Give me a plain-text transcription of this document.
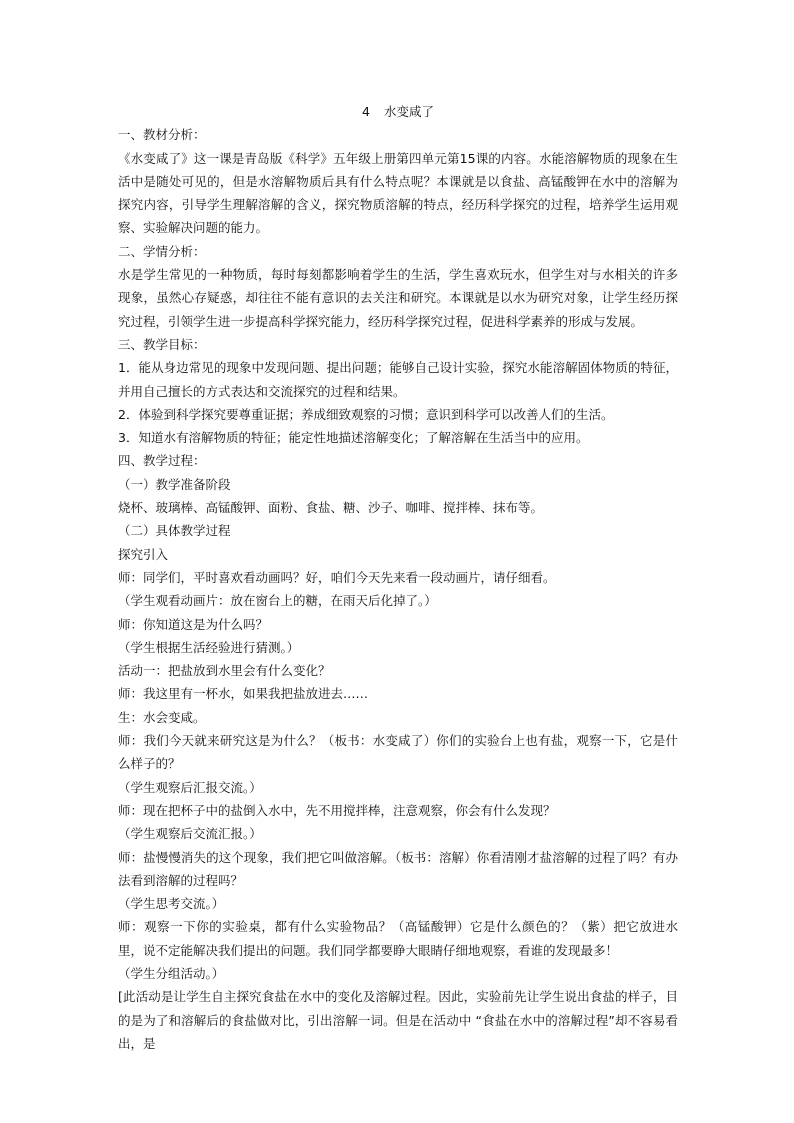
4 水变咸了

一、教材分析：

《水变咸了》这一课是青岛版《科学》五年级上册第四单元第15课的内容。水能溶解物质的现象在生活中是随处可见的，但是水溶解物质后具有什么特点呢？本课就是以食盐、高锰酸钾在水中的溶解为探究内容，引导学生理解溶解的含义，探究物质溶解的特点，经历科学探究的过程，培养学生运用观察、实验解决问题的能力。

二、学情分析：

水是学生常见的一种物质，每时每刻都影响着学生的生活，学生喜欢玩水，但学生对与水相关的许多现象，虽然心存疑惑，却往往不能有意识的去关注和研究。本课就是以水为研究对象，让学生经历探究过程，引领学生进一步提高科学探究能力，经历科学探究过程，促进科学素养的形成与发展。

三、教学目标：

1．能从身边常见的现象中发现问题、提出问题；能够自己设计实验，探究水能溶解固体物质的特征，并用自己擅长的方式表达和交流探究的过程和结果。

2．体验到科学探究要尊重证据；养成细致观察的习惯；意识到科学可以改善人们的生活。

3．知道水有溶解物质的特征；能定性地描述溶解变化；了解溶解在生活当中的应用。

四、教学过程：

（一）教学准备阶段

烧杯、玻璃棒、高锰酸钾、面粉、食盐、糖、沙子、咖啡、搅拌棒、抹布等。

（二）具体教学过程

探究引入

师：同学们，平时喜欢看动画吗？好，咱们今天先来看一段动画片，请仔细看。

（学生观看动画片：放在窗台上的糖，在雨天后化掉了。）

师：你知道这是为什么吗？

（学生根据生活经验进行猜测。）

活动一：把盐放到水里会有什么变化？

师：我这里有一杯水，如果我把盐放进去……

生：水会变咸。

师：我们今天就来研究这是为什么？（板书：水变咸了）你们的实验台上也有盐，观察一下，它是什么样子的？

（学生观察后汇报交流。）

师：现在把杯子中的盐倒入水中，先不用搅拌棒，注意观察，你会有什么发现？

（学生观察后交流汇报。）

师：盐慢慢消失的这个现象，我们把它叫做溶解。（板书：溶解）你看清刚才盐溶解的过程了吗？有办法看到溶解的过程吗？

（学生思考交流。）

师：观察一下你的实验桌，都有什么实验物品？（高锰酸钾）它是什么颜色的？（紫）把它放进水里，说不定能解决我们提出的问题。我们同学都要睁大眼睛仔细地观察，看谁的发现最多！

（学生分组活动。）

[此活动是让学生自主探究食盐在水中的变化及溶解过程。因此，实验前先让学生说出食盐的样子，目的是为了和溶解后的食盐做对比，引出溶解一词。但是在活动中 “食盐在水中的溶解过程”却不容易看出，是
